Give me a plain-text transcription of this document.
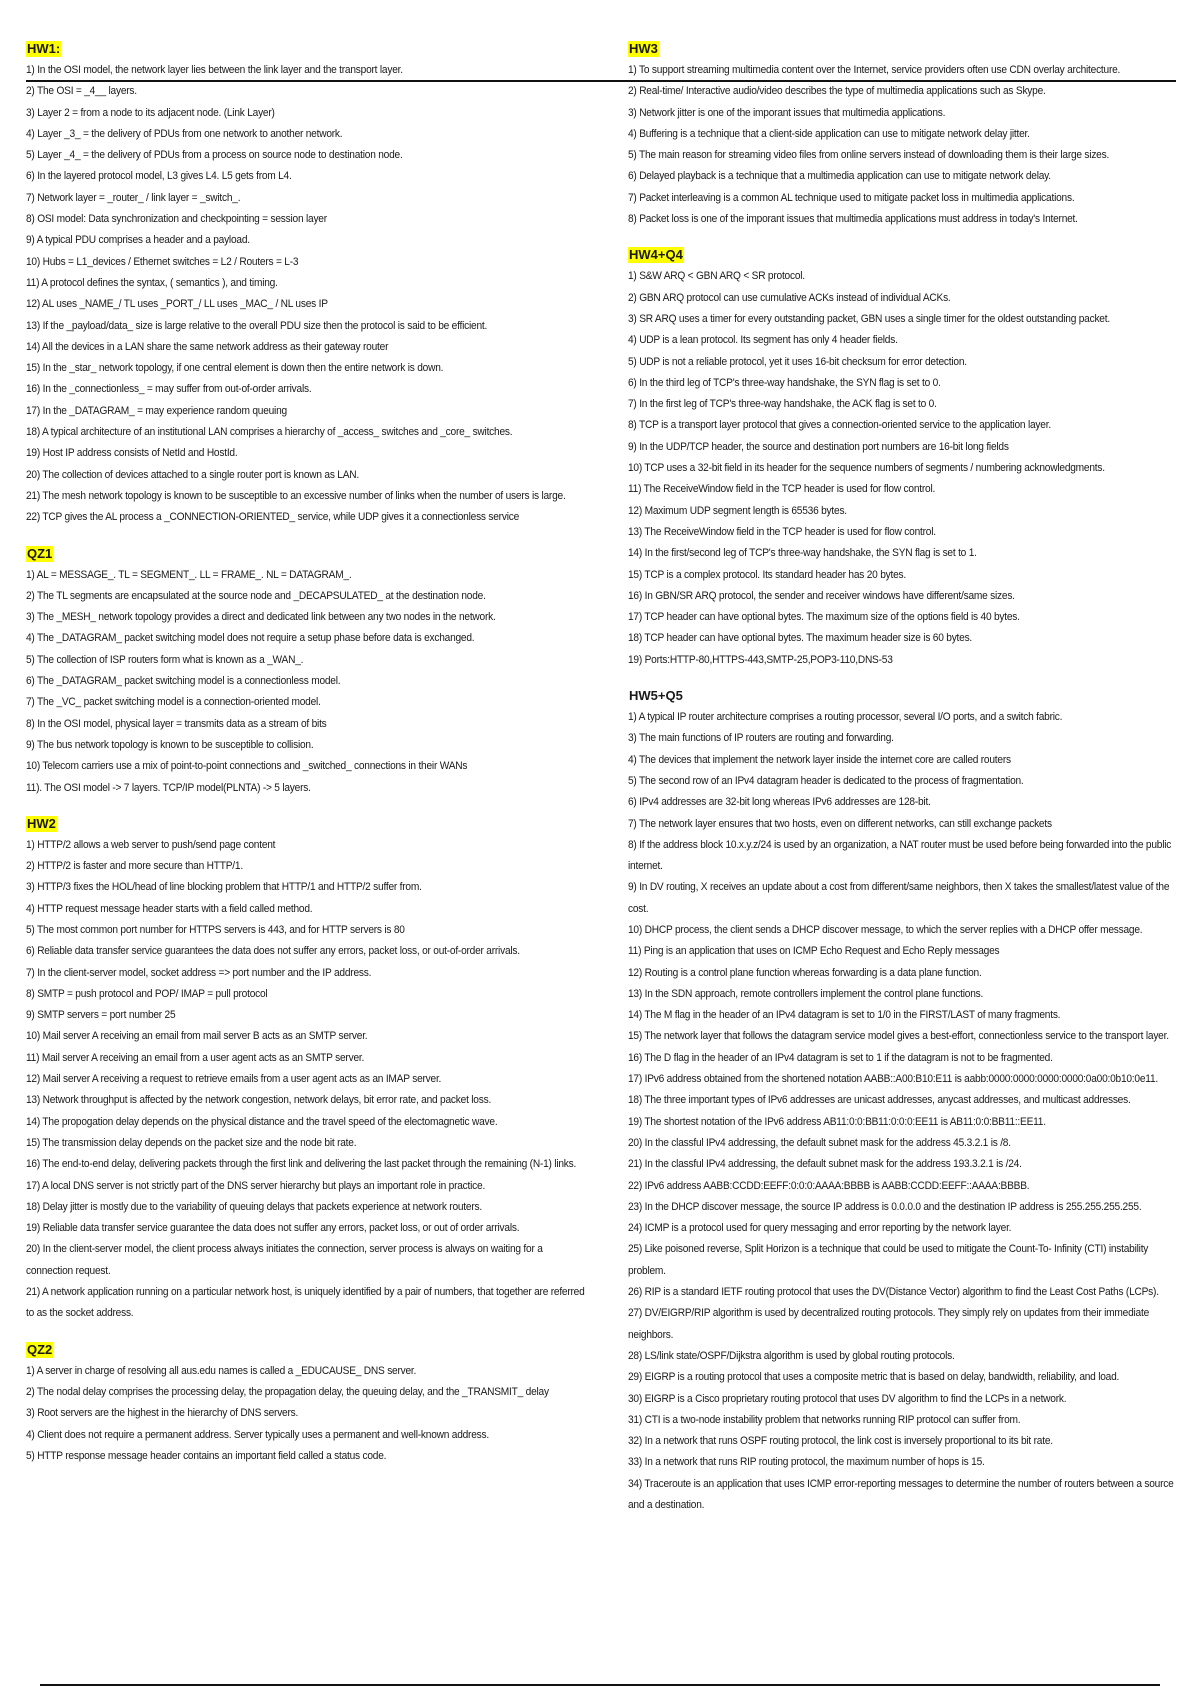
HW1:
1) In the OSI model, the network layer lies between the link layer and the transport layer.
2) The OSI = _4__ layers.
3) Layer 2 = from a node to its adjacent node. (Link Layer)
4) Layer _3_ = the delivery of PDUs from one network to another network.
5) Layer _4_ = the delivery of PDUs from a process on source node to destination node.
6) In the layered protocol model, L3 gives L4. L5 gets from L4.
7) Network layer = _router_ / link layer = _switch_.
8) OSI model: Data synchronization and checkpointing = session layer
9) A typical PDU comprises a header and a payload.
10) Hubs = L1_devices / Ethernet switches = L2 / Routers = L-3
11) A protocol defines the syntax, ( semantics ), and timing.
12) AL uses _NAME_/ TL uses _PORT_/ LL uses _MAC_ / NL uses IP
13) If the _payload/data_ size is large relative to the overall PDU size then the protocol is said to be efficient.
14) All the devices in a LAN share the same network address as their gateway router
15) In the _star_ network topology, if one central element is down then the entire network is down.
16) In the _connectionless_ = may suffer from out-of-order arrivals.
17) In the _DATAGRAM_ = may experience random queuing
18) A typical architecture of an institutional LAN comprises a hierarchy of _access_ switches and _core_ switches.
19) Host IP address consists of NetId and HostId.
20) The collection of devices attached to a single router port is known as LAN.
21) The mesh network topology is known to be susceptible to an excessive number of links when the number of users is large.
22) TCP gives the AL process a _CONNECTION-ORIENTED_ service, while UDP gives it a connectionless service
QZ1
1) AL = MESSAGE_. TL = SEGMENT_. LL = FRAME_. NL = DATAGRAM_.
2) The TL segments are encapsulated at the source node and _DECAPSULATED_ at the destination node.
3) The _MESH_ network topology provides a direct and dedicated link between any two nodes in the network.
4) The _DATAGRAM_ packet switching model does not require a setup phase before data is exchanged.
5) The collection of ISP routers form what is known as a _WAN_.
6) The _DATAGRAM_ packet switching model is a connectionless model.
7) The _VC_ packet switching model is a connection-oriented model.
8) In the OSI model, physical layer = transmits data as a stream of bits
9) The bus network topology is known to be susceptible to collision.
10) Telecom carriers use a mix of point-to-point connections and _switched_ connections in their WANs
11). The OSI model -> 7 layers. TCP/IP model(PLNTA) -> 5 layers.
HW2
1) HTTP/2 allows a web server to push/send page content
2) HTTP/2 is faster and more secure than HTTP/1.
3) HTTP/3 fixes the HOL/head of line blocking problem that HTTP/1 and HTTP/2 suffer from.
4) HTTP request message header starts with a field called method.
5) The most common port number for HTTPS servers is 443, and for HTTP servers is 80
6) Reliable data transfer service guarantees the data does not suffer any errors, packet loss, or out-of-order arrivals.
7) In the client-server model, socket address => port number and the IP address.
8) SMTP = push protocol and POP/ IMAP = pull protocol
9) SMTP servers = port number 25
10) Mail server A receiving an email from mail server B acts as an SMTP server.
11) Mail server A receiving an email from a user agent acts as an SMTP server.
12) Mail server A receiving a request to retrieve emails from a user agent acts as an IMAP server.
13) Network throughput is affected by the network congestion, network delays, bit error rate, and packet loss.
14) The propogation delay depends on the physical distance and the travel speed of the electomagnetic wave.
15) The transmission delay depends on the packet size and the node bit rate.
16) The end-to-end delay, delivering packets through the first link and delivering the last packet through the remaining (N-1) links.
17) A local DNS server is not strictly part of the DNS server hierarchy but plays an important role in practice.
18) Delay jitter is mostly due to the variability of queuing delays that packets experience at network routers.
19) Reliable data transfer service guarantee the data does not suffer any errors, packet loss, or out of order arrivals.
20) In the client-server model, the client process always initiates the connection, server process is always on waiting for a connection request.
21) A network application running on a particular network host, is uniquely identified by a pair of numbers, that together are referred to as the socket address.
QZ2
1) A server in charge of resolving all aus.edu names is called a _EDUCAUSE_ DNS server.
2) The nodal delay comprises the processing delay, the propagation delay, the queuing delay, and the _TRANSMIT_ delay
3) Root servers are the highest in the hierarchy of DNS servers.
4) Client does not require a permanent address. Server typically uses a permanent and well-known address.
5) HTTP response message header contains an important field called a status code.
HW3
1) To support streaming multimedia content over the Internet, service providers often use CDN overlay architecture.
2) Real-time/ Interactive audio/video describes the type of multimedia applications such as Skype.
3) Network jitter is one of the imporant issues that multimedia applications.
4) Buffering is a technique that a client-side application can use to mitigate network delay jitter.
5) The main reason for streaming video files from online servers instead of downloading them is their large sizes.
6) Delayed playback is a technique that a multimedia application can use to mitigate network delay.
7) Packet interleaving is a common AL technique used to mitigate packet loss in multimedia applications.
8) Packet loss is one of the imporant issues that multimedia applications must address in today's Internet.
HW4+Q4
1) S&W ARQ < GBN ARQ < SR protocol.
2) GBN ARQ protocol can use cumulative ACKs instead of individual ACKs.
3) SR ARQ uses a timer for every outstanding packet, GBN uses a single timer for the oldest outstanding packet.
4) UDP is a lean protocol. Its segment has only 4 header fields.
5) UDP is not a reliable protocol, yet it uses 16-bit checksum for error detection.
6) In the third leg of TCP's three-way handshake, the SYN flag is set to 0.
7) In the first leg of TCP's three-way handshake, the ACK flag is set to 0.
8) TCP is a transport layer protocol that gives a connection-oriented service to the application layer.
9) In the UDP/TCP header, the source and destination port numbers are 16-bit long fields
10) TCP uses a 32-bit field in its header for the sequence numbers of segments / numbering acknowledgments.
11) The ReceiveWindow field in the TCP header is used for flow control.
12) Maximum UDP segment length is 65536 bytes.
13) The ReceiveWindow field in the TCP header is used for flow control.
14) In the first/second leg of TCP's three-way handshake, the SYN flag is set to 1.
15) TCP is a complex protocol. Its standard header has 20 bytes.
16) In GBN/SR ARQ protocol, the sender and receiver windows have different/same sizes.
17) TCP header can have optional bytes. The maximum size of the options field is 40 bytes.
18) TCP header can have optional bytes. The maximum header size is 60 bytes.
19) Ports:HTTP-80,HTTPS-443,SMTP-25,POP3-110,DNS-53
HW5+Q5
1) A typical IP router architecture comprises a routing processor, several I/O ports, and a switch fabric.
3) The main functions of IP routers are routing and forwarding.
4) The devices that implement the network layer inside the internet core are called routers
5) The second row of an IPv4 datagram header is dedicated to the process of fragmentation.
6) IPv4 addresses are 32-bit long whereas IPv6 addresses are 128-bit.
7) The network layer ensures that two hosts, even on different networks, can still exchange packets
8) If the address block 10.x.y.z/24 is used by an organization, a NAT router must be used before being forwarded into the public internet.
9) In DV routing, X receives an update about a cost from different/same neighbors, then X takes the smallest/latest value of the cost.
10) DHCP process, the client sends a DHCP discover message, to which the server replies with a DHCP offer message.
11) Ping is an application that uses on ICMP Echo Request and Echo Reply messages
12) Routing is a control plane function whereas forwarding is a data plane function.
13) In the SDN approach, remote controllers implement the control plane functions.
14) The M flag in the header of an IPv4 datagram is set to 1/0 in the FIRST/LAST of many fragments.
15) The network layer that follows the datagram service model gives a best-effort, connectionless service to the transport layer.
16) The D flag in the header of an IPv4 datagram is set to 1 if the datagram is not to be fragmented.
17) IPv6 address obtained from the shortened notation AABB::A00:B10:E11 is aabb:0000:0000:0000:0000:0a00:0b10:0e11.
18) The three important types of IPv6 addresses are unicast addresses, anycast addresses, and multicast addresses.
19) The shortest notation of the IPv6 address AB11:0:0:BB11:0:0:0:EE11 is AB11:0:0:BB11::EE11.
20) In the classful IPv4 addressing, the default subnet mask for the address 45.3.2.1 is /8.
21) In the classful IPv4 addressing, the default subnet mask for the address 193.3.2.1 is /24.
22) IPv6 address AABB:CCDD:EEFF:0:0:0:AAAA:BBBB is AABB:CCDD:EEFF::AAAA:BBBB.
23) In the DHCP discover message, the source IP address is 0.0.0.0 and the destination IP address is 255.255.255.255.
24) ICMP is a protocol used for query messaging and error reporting by the network layer.
25) Like poisoned reverse, Split Horizon is a technique that could be used to mitigate the Count-To- Infinity (CTI) instability problem.
26) RIP is a standard IETF routing protocol that uses the DV(Distance Vector) algorithm to find the Least Cost Paths (LCPs).
27) DV/EIGRP/RIP algorithm is used by decentralized routing protocols. They simply rely on updates from their immediate neighbors.
28) LS/link state/OSPF/Dijkstra algorithm is used by global routing protocols.
29) EIGRP is a routing protocol that uses a composite metric that is based on delay, bandwidth, reliability, and load.
30) EIGRP is a Cisco proprietary routing protocol that uses DV algorithm to find the LCPs in a network.
31) CTI is a two-node instability problem that networks running RIP protocol can suffer from.
32) In a network that runs OSPF routing protocol, the link cost is inversely proportional to its bit rate.
33) In a network that runs RIP routing protocol, the maximum number of hops is 15.
34) Traceroute is an application that uses ICMP error-reporting messages to determine the number of routers between a source and a destination.
